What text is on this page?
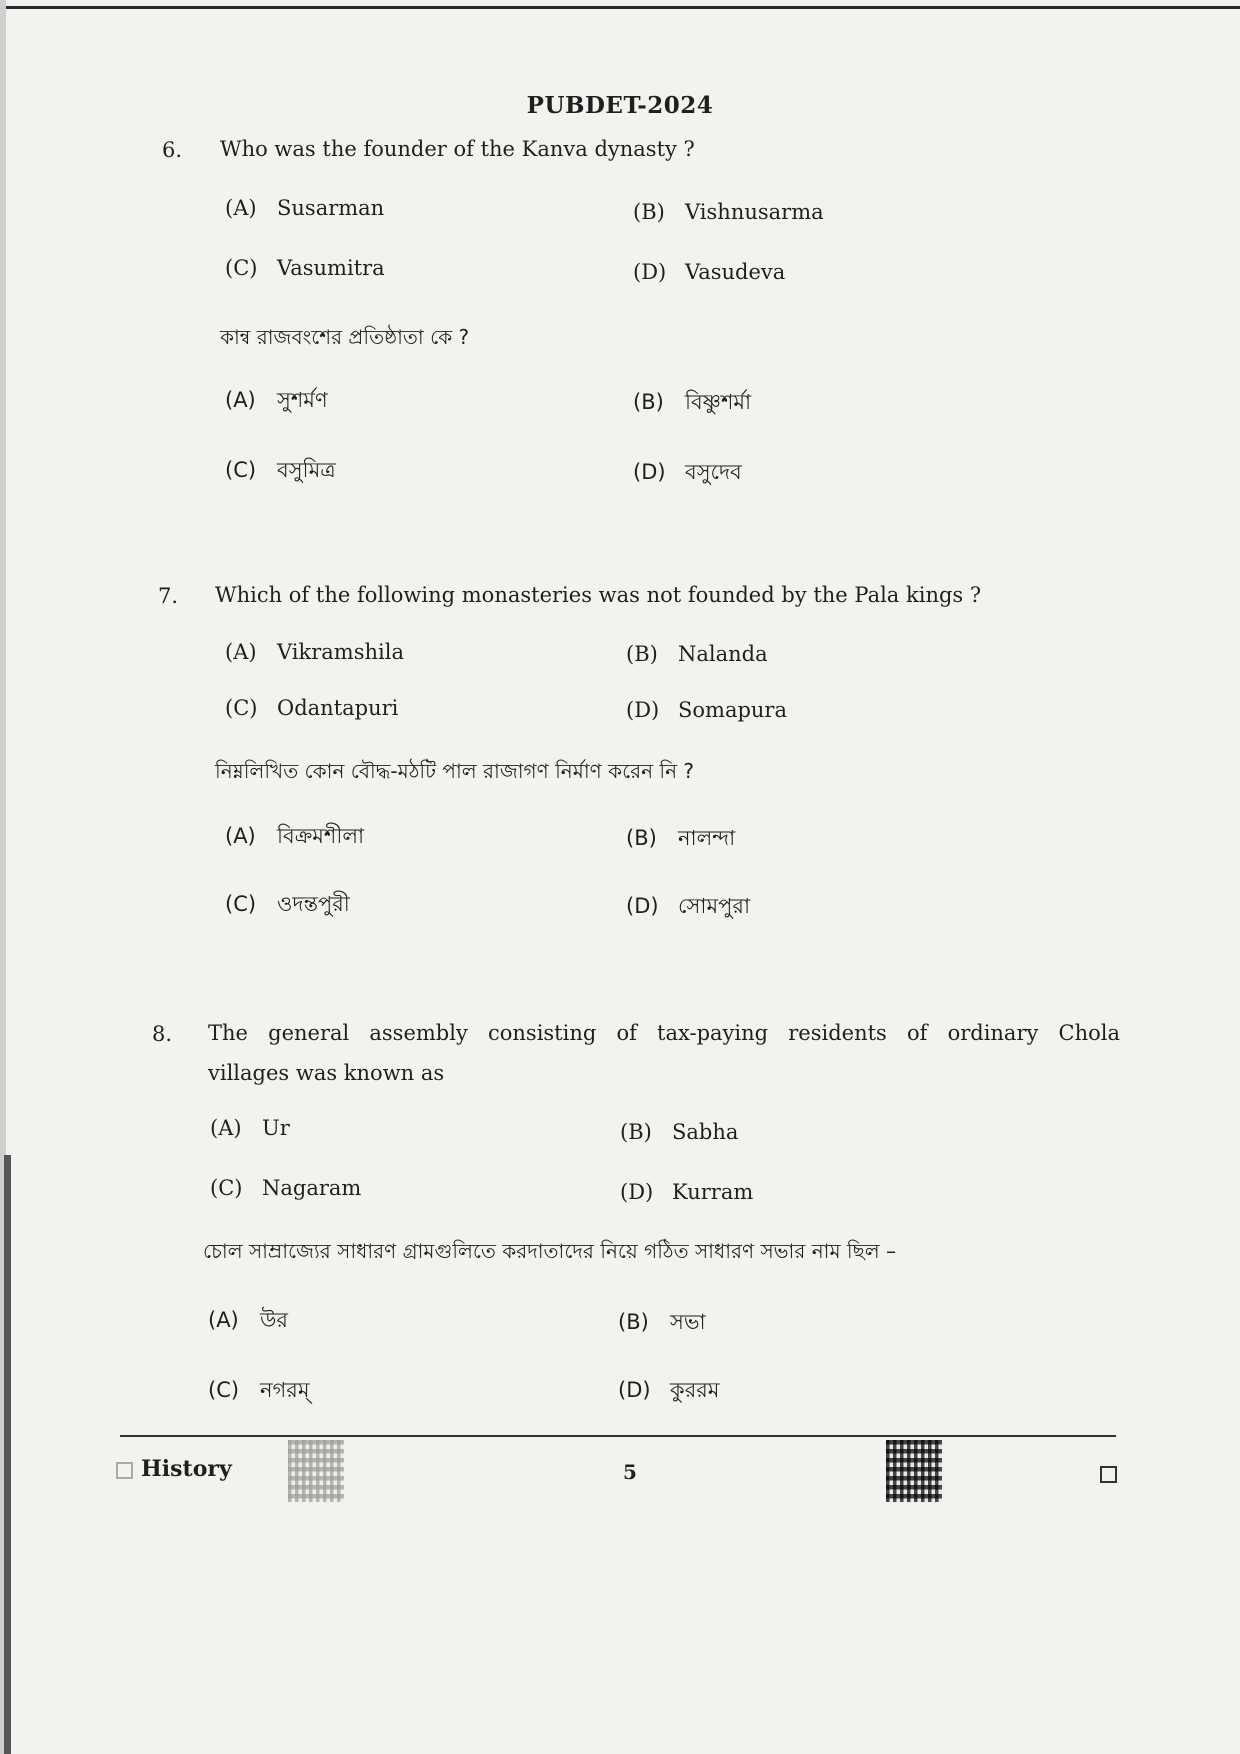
PUBDET-2024
6. Who was the founder of the Kanva dynasty ?
(A) Susarman	(B) Vishnusarma
(C) Vasumitra	(D) Vasudeva
কান্ব রাজবংশের প্রতিষ্ঠাতা কে ?
(A) সুশর্মণ	(B) বিষ্ণুশর্মা
(C) বসুমিত্র	(D) বসুদেব
7. Which of the following monasteries was not founded by the Pala kings ?
(A) Vikramshila	(B) Nalanda
(C) Odantapuri	(D) Somapura
নিম্নলিখিত কোন বৌদ্ধ-মঠটি পাল রাজাগণ নির্মাণ করেন নি ?
(A) বিক্রমশীলা	(B) নালন্দা
(C) ওদন্তপুরী	(D) সোমপুরা
8. The general assembly consisting of tax-paying residents of ordinary Chola
villages was known as
(A) Ur	(B) Sabha
(C) Nagaram	(D) Kurram
চোল সাম্রাজ্যের সাধারণ গ্রামগুলিতে করদাতাদের নিয়ে গঠিত সাধারণ সভার নাম ছিল –
(A) উর	(B) সভা
(C) নগরম্	(D) কুররম
History	5
